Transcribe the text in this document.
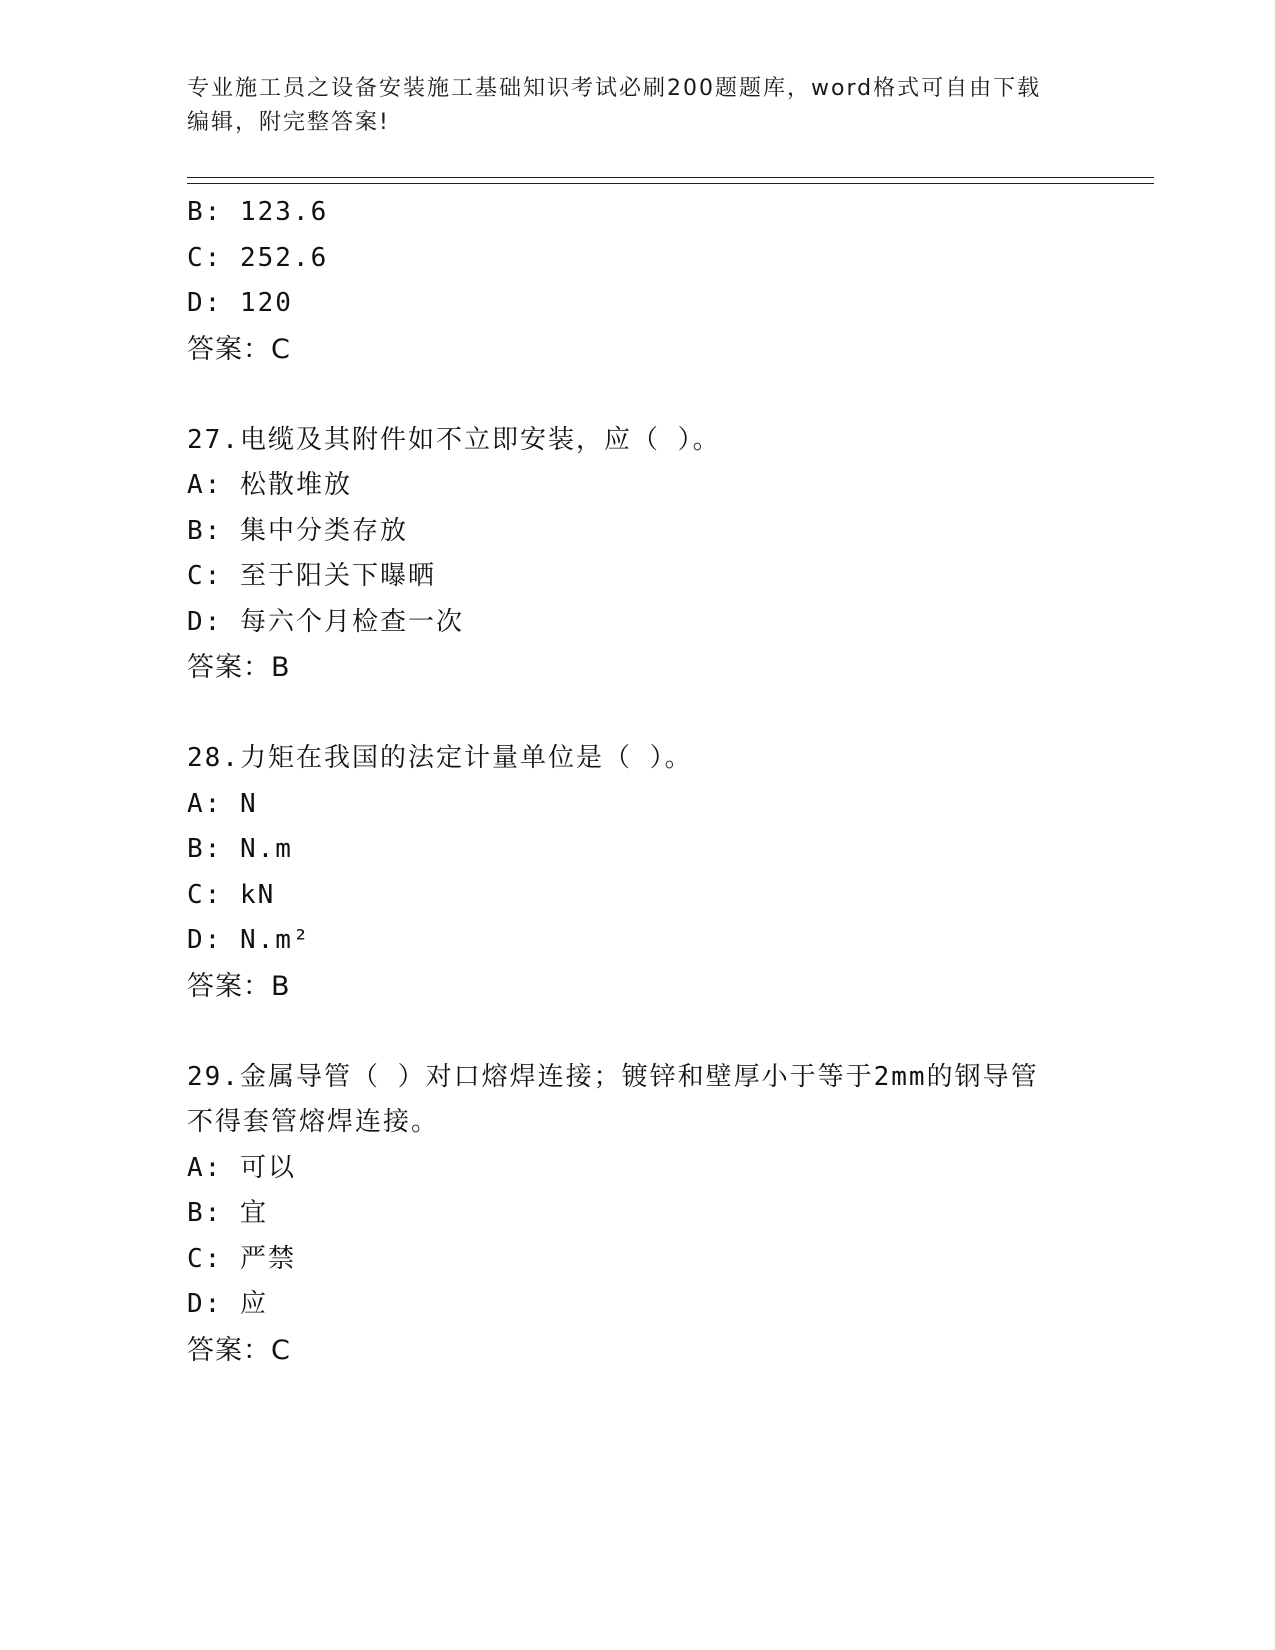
专业施工员之设备安装施工基础知识考试必刷200题题库，word格式可自由下载
编辑，附完整答案!
B: 123.6
C: 252.6
D: 120
答案：C
27.电缆及其附件如不立即安装，应（ ）。
A: 松散堆放
B: 集中分类存放
C: 至于阳关下曝晒
D: 每六个月检查一次
答案：B
28.力矩在我国的法定计量单位是（ ）。
A: N
B: N.m
C: kN
D: N.m²
答案：B
29.金属导管（ ）对口熔焊连接；镀锌和壁厚小于等于2mm的钢导管
不得套管熔焊连接。
A: 可以
B: 宜
C: 严禁
D: 应
答案：C
